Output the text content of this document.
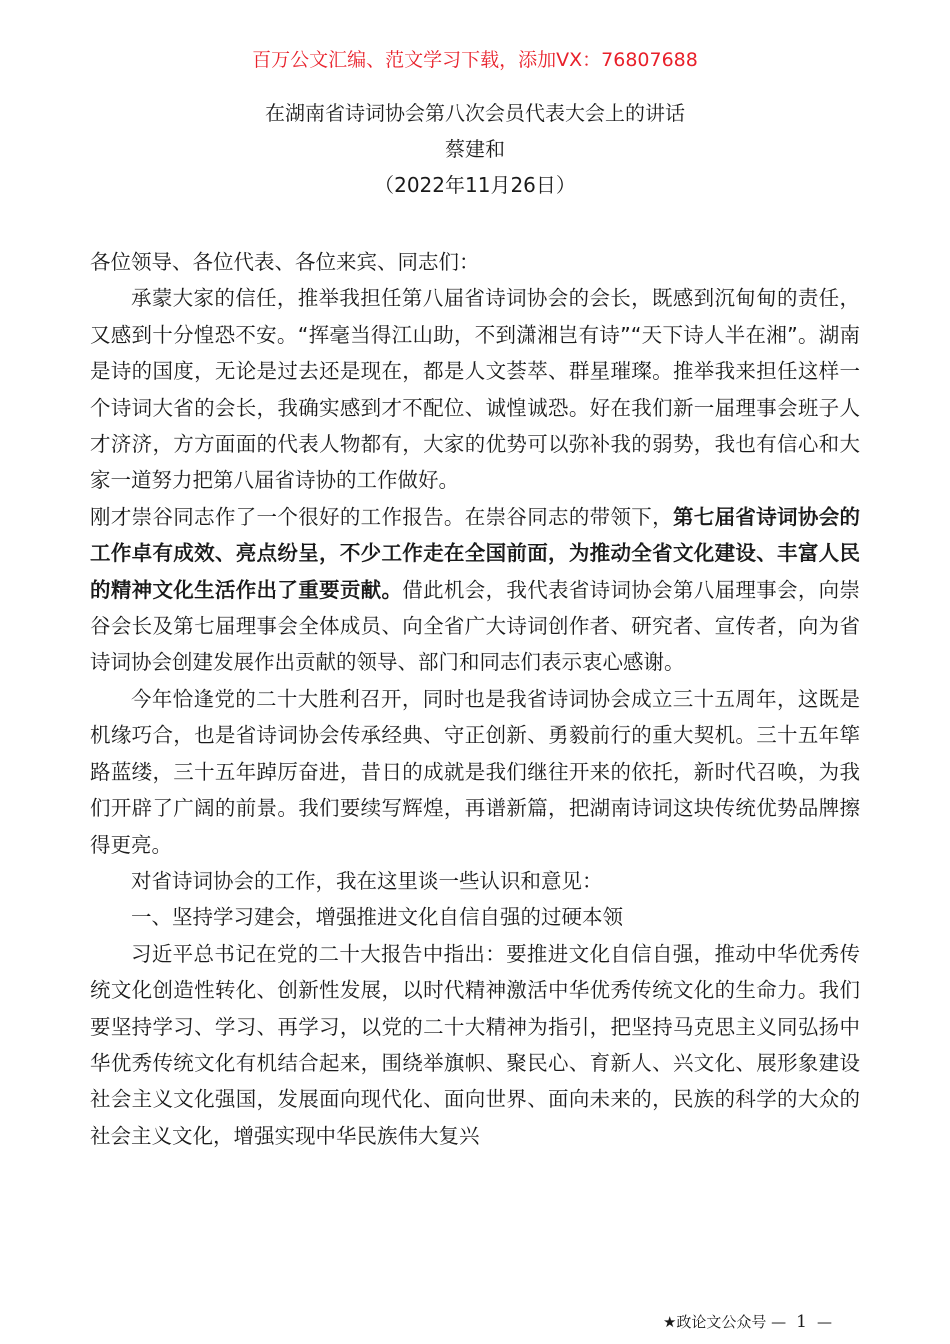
百万公文汇编、范文学习下载，添加VX：76807688
在湖南省诗词协会第八次会员代表大会上的讲话
蔡建和
（2022年11月26日）

各位领导、各位代表、各位来宾、同志们：

承蒙大家的信任，推举我担任第八届省诗词协会的会长，既感到沉甸甸的责任，又感到十分惶恐不安。“挥毫当得江山助，不到潇湘岂有诗”“天下诗人半在湘”。湖南是诗的国度，无论是过去还是现在，都是人文荟萃、群星璀璨。推举我来担任这样一个诗词大省的会长，我确实感到才不配位、诚惶诚恐。好在我们新一届理事会班子人才济济，方方面面的代表人物都有，大家的优势可以弥补我的弱势，我也有信心和大家一道努力把第八届省诗协的工作做好。

刚才崇谷同志作了一个很好的工作报告。在崇谷同志的带领下，第七届省诗词协会的工作卓有成效、亮点纷呈，不少工作走在全国前面，为推动全省文化建设、丰富人民的精神文化生活作出了重要贡献。借此机会，我代表省诗词协会第八届理事会，向崇谷会长及第七届理事会全体成员、向全省广大诗词创作者、研究者、宣传者，向为省诗词协会创建发展作出贡献的领导、部门和同志们表示衷心感谢。

今年恰逢党的二十大胜利召开，同时也是我省诗词协会成立三十五周年，这既是机缘巧合，也是省诗词协会传承经典、守正创新、勇毅前行的重大契机。三十五年筚路蓝缕，三十五年踔厉奋进，昔日的成就是我们继往开来的依托，新时代召唤，为我们开辟了广阔的前景。我们要续写辉煌，再谱新篇，把湖南诗词这块传统优势品牌擦得更亮。

对省诗词协会的工作，我在这里谈一些认识和意见：

一、坚持学习建会，增强推进文化自信自强的过硬本领

习近平总书记在党的二十大报告中指出：要推进文化自信自强，推动中华优秀传统文化创造性转化、创新性发展，以时代精神激活中华优秀传统文化的生命力。我们要坚持学习、学习、再学习，以党的二十大精神为指引，把坚持马克思主义同弘扬中华优秀传统文化有机结合起来，围绕举旗帜、聚民心、育新人、兴文化、展形象建设社会主义文化强国，发展面向现代化、面向世界、面向未来的，民族的科学的大众的社会主义文化，增强实现中华民族伟大复兴

★政论文公众号 — 1 —
